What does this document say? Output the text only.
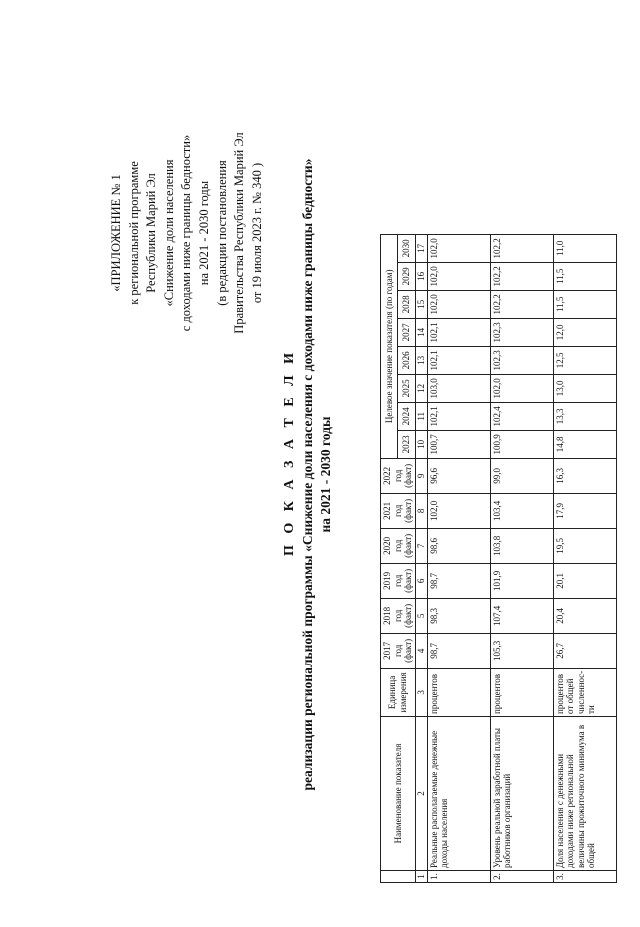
«ПРИЛОЖЕНИЕ № 1 к региональной программе Республики Марий Эл «Снижение доли населения с доходами ниже границы бедности» на 2021 - 2030 годы (в редакции постановления Правительства Республики Марий Эл от 19 июля 2023 г. № 340 )
П О К А З А Т Е Л И реализации региональной программы «Снижение доли населения с доходами ниже границы бедности» на 2021 - 2030 годы
	Наименование показателя	Единица измерения	2017 год (факт)	2018 год (факт)	2019 год (факт)	2020 год (факт)	2021 год (факт)	2022 год (факт)	Целевое значение показателя (по годам)							
									2023	2024	2025	2026	2027	2028	2029	2030
1	2	3	4	5	6	7	8	9	10	11	12	13	14	15	16	17
1.	Реальные располагаемые денежные доходы населения	процентов	98,7	98,3	98,7	98,6	102,0	96,6	100,7	102,1	103,0	102,1	102,1	102,0	102,0	102,0
2.	Уровень реальной заработной платы работников организаций	процентов	105,3	107,4	101,9	103,8	103,4	99,0	100,9	102,4	102,0	102,3	102,3	102,2	102,2	102,2
3.	Доля населения с денежными доходами ниже региональной величины прожиточного минимума в общей	процентов от общей численнос-ти	26,7	20,4	20,1	19,5	17,9	16,3	14,8	13,3	13,0	12,5	12,0	11,5	11,5	11,0
